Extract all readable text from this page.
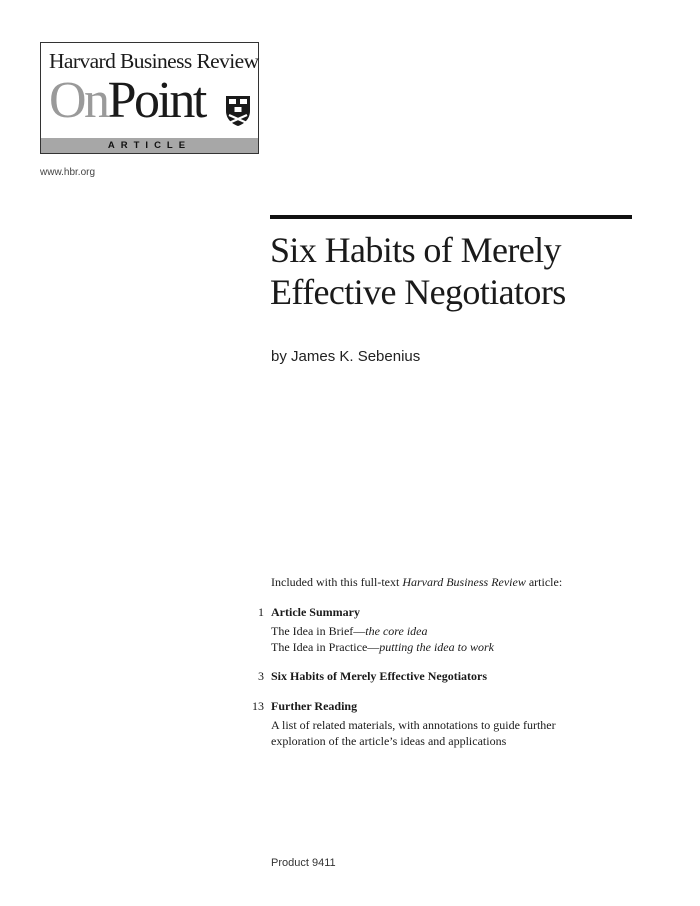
Harvard Business Review
OnPoint
ARTICLE
www.hbr.org
Six Habits of Merely
Effective Negotiators
by James K. Sebenius
Included with this full-text Harvard Business Review article:
1 Article Summary
The Idea in Brief—the core idea
The Idea in Practice—putting the idea to work
3 Six Habits of Merely Effective Negotiators
13 Further Reading
A list of related materials, with annotations to guide further
exploration of the article’s ideas and applications
Product 9411
